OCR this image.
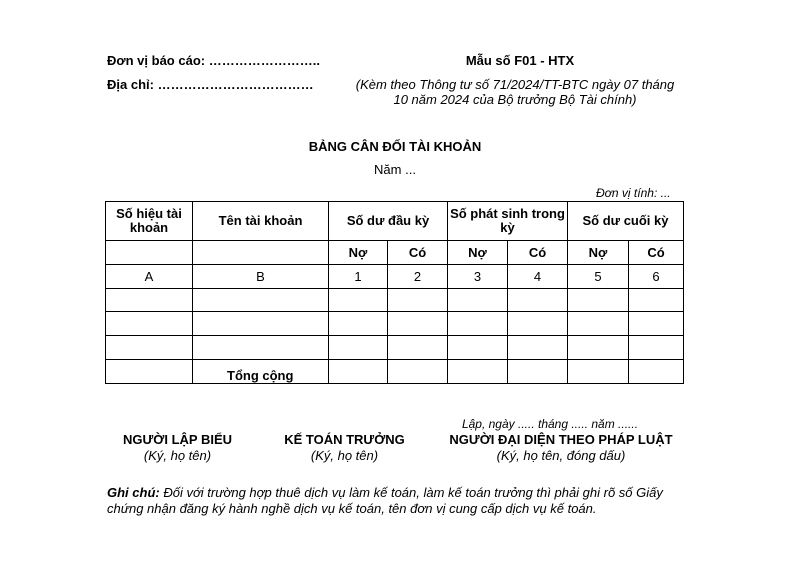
Đơn vị báo cáo: ……………………..
Địa chỉ: ………………………………
Mẫu số F01 - HTX
(Kèm theo Thông tư số 71/2024/TT-BTC ngày 07 tháng
10 năm 2024 của Bộ trưởng Bộ Tài chính)
BẢNG CÂN ĐỐI TÀI KHOẢN
Năm ...
Đơn vị tính: ...
Số hiệu tài khoản	Tên tài khoản	Số dư đầu kỳ		Số phát sinh trong kỳ		Số dư cuối kỳ	
		Nợ	Có	Nợ	Có	Nợ	Có
A	B	1	2	3	4	5	6

	Tổng cộng						
Lập, ngày ..... tháng ..... năm ......
NGƯỜI LẬP BIỂU
(Ký, họ tên)
KẾ TOÁN TRƯỞNG
(Ký, họ tên)
NGƯỜI ĐẠI DIỆN THEO PHÁP LUẬT
(Ký, họ tên, đóng dấu)
Ghi chú: Đối với trường hợp thuê dịch vụ làm kế toán, làm kế toán trưởng thì phải ghi rõ số Giấy
chứng nhận đăng ký hành nghề dịch vụ kế toán, tên đơn vị cung cấp dịch vụ kế toán.
